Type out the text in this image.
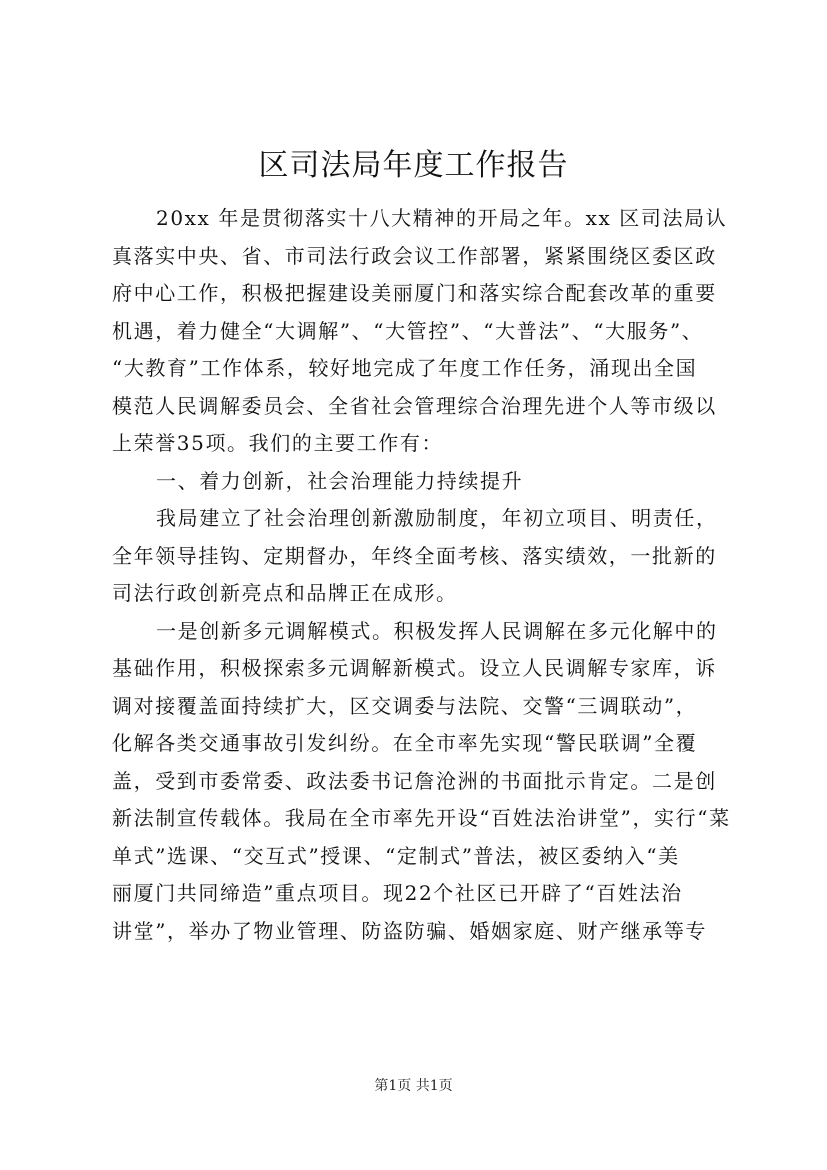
区司法局年度工作报告
20xx 年是贯彻落实十八大精神的开局之年。xx 区司法局认
真落实中央、省、市司法行政会议工作部署，紧紧围绕区委区政
府中心工作，积极把握建设美丽厦门和落实综合配套改革的重要
机遇，着力健全“大调解”、“大管控”、“大普法”、“大服务”、
“大教育”工作体系，较好地完成了年度工作任务，涌现出全国
模范人民调解委员会、全省社会管理综合治理先进个人等市级以
上荣誉35项。我们的主要工作有：
一、着力创新，社会治理能力持续提升
我局建立了社会治理创新激励制度，年初立项目、明责任，
全年领导挂钩、定期督办，年终全面考核、落实绩效，一批新的
司法行政创新亮点和品牌正在成形。
一是创新多元调解模式。积极发挥人民调解在多元化解中的
基础作用，积极探索多元调解新模式。设立人民调解专家库，诉
调对接覆盖面持续扩大，区交调委与法院、交警“三调联动”，
化解各类交通事故引发纠纷。在全市率先实现“警民联调”全覆
盖，受到市委常委、政法委书记詹沧洲的书面批示肯定。二是创
新法制宣传载体。我局在全市率先开设“百姓法治讲堂”，实行“菜
单式”选课、“交互式”授课、“定制式”普法，被区委纳入“美
丽厦门共同缔造”重点项目。现22个社区已开辟了“百姓法治
讲堂”，举办了物业管理、防盗防骗、婚姻家庭、财产继承等专
第1页 共1页
